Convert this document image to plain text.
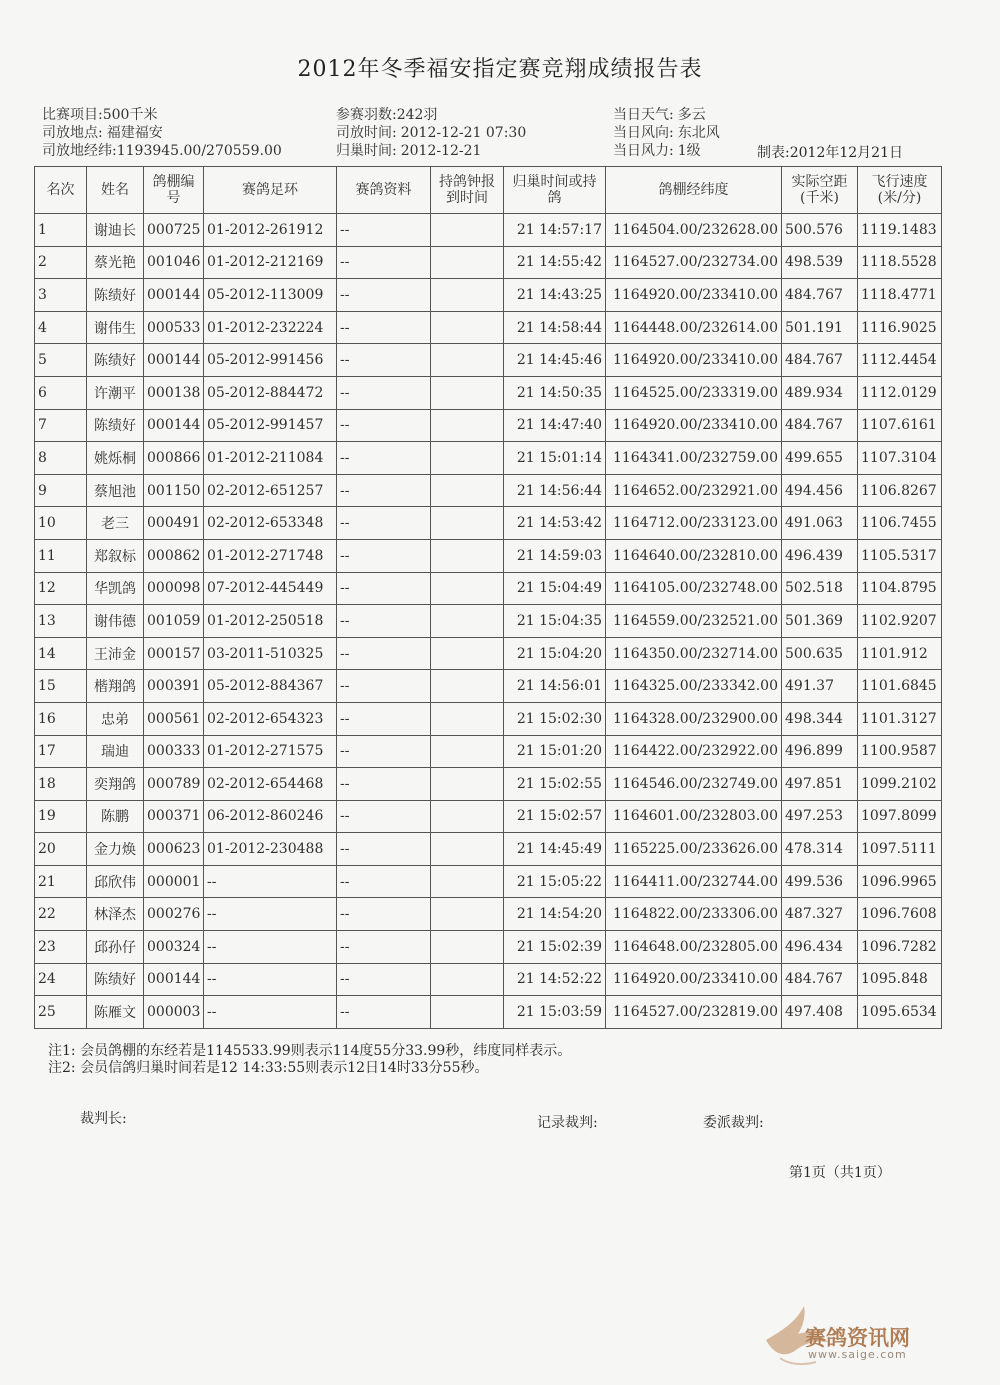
2012年冬季福安指定赛竞翔成绩报告表
比赛项目:500千米
司放地点: 福建福安
司放地经纬:1193945.00/270559.00
参赛羽数:242羽
司放时间: 2012-12-21 07:30
归巢时间: 2012-12-21
当日天气: 多云
当日风向: 东北风
当日风力: 1级	制表:2012年12月21日
名次	姓名	鸽棚编号	赛鸽足环	赛鸽资料	持鸽钟报到时间	归巢时间或持鸽	鸽棚经纬度	实际空距(千米)	飞行速度(米/分)
1	谢迪长	000725	01-2012-261912	--		21 14:57:17	1164504.00/232628.00	500.576	1119.1483
2	蔡光艳	001046	01-2012-212169	--		21 14:55:42	1164527.00/232734.00	498.539	1118.5528
3	陈绩好	000144	05-2012-113009	--		21 14:43:25	1164920.00/233410.00	484.767	1118.4771
4	谢伟生	000533	01-2012-232224	--		21 14:58:44	1164448.00/232614.00	501.191	1116.9025
5	陈绩好	000144	05-2012-991456	--		21 14:45:46	1164920.00/233410.00	484.767	1112.4454
6	许潮平	000138	05-2012-884472	--		21 14:50:35	1164525.00/233319.00	489.934	1112.0129
7	陈绩好	000144	05-2012-991457	--		21 14:47:40	1164920.00/233410.00	484.767	1107.6161
8	姚烁桐	000866	01-2012-211084	--		21 15:01:14	1164341.00/232759.00	499.655	1107.3104
9	蔡旭池	001150	02-2012-651257	--		21 14:56:44	1164652.00/232921.00	494.456	1106.8267
10	老三	000491	02-2012-653348	--		21 14:53:42	1164712.00/233123.00	491.063	1106.7455
11	郑叙标	000862	01-2012-271748	--		21 14:59:03	1164640.00/232810.00	496.439	1105.5317
12	华凯鸽	000098	07-2012-445449	--		21 15:04:49	1164105.00/232748.00	502.518	1104.8795
13	谢伟德	001059	01-2012-250518	--		21 15:04:35	1164559.00/232521.00	501.369	1102.9207
14	王沛金	000157	03-2011-510325	--		21 15:04:20	1164350.00/232714.00	500.635	1101.912
15	楷翔鸽	000391	05-2012-884367	--		21 14:56:01	1164325.00/233342.00	491.37	1101.6845
16	忠弟	000561	02-2012-654323	--		21 15:02:30	1164328.00/232900.00	498.344	1101.3127
17	瑞迪	000333	01-2012-271575	--		21 15:01:20	1164422.00/232922.00	496.899	1100.9587
18	奕翔鸽	000789	02-2012-654468	--		21 15:02:55	1164546.00/232749.00	497.851	1099.2102
19	陈鹏	000371	06-2012-860246	--		21 15:02:57	1164601.00/232803.00	497.253	1097.8099
20	金力焕	000623	01-2012-230488	--		21 14:45:49	1165225.00/233626.00	478.314	1097.5111
21	邱欣伟	000001	--	--		21 15:05:22	1164411.00/232744.00	499.536	1096.9965
22	林泽杰	000276	--	--		21 14:54:20	1164822.00/233306.00	487.327	1096.7608
23	邱孙仔	000324	--	--		21 15:02:39	1164648.00/232805.00	496.434	1096.7282
24	陈绩好	000144	--	--		21 14:52:22	1164920.00/233410.00	484.767	1095.848
25	陈雁文	000003	--	--		21 15:03:59	1164527.00/232819.00	497.408	1095.6534
注1: 会员鸽棚的东经若是1145533.99则表示114度55分33.99秒，纬度同样表示。
注2: 会员信鸽归巢时间若是12 14:33:55则表示12日14时33分55秒。
裁判长:	记录裁判:	委派裁判:
第1页（共1页）
赛鸽资讯网
www.saige.com
